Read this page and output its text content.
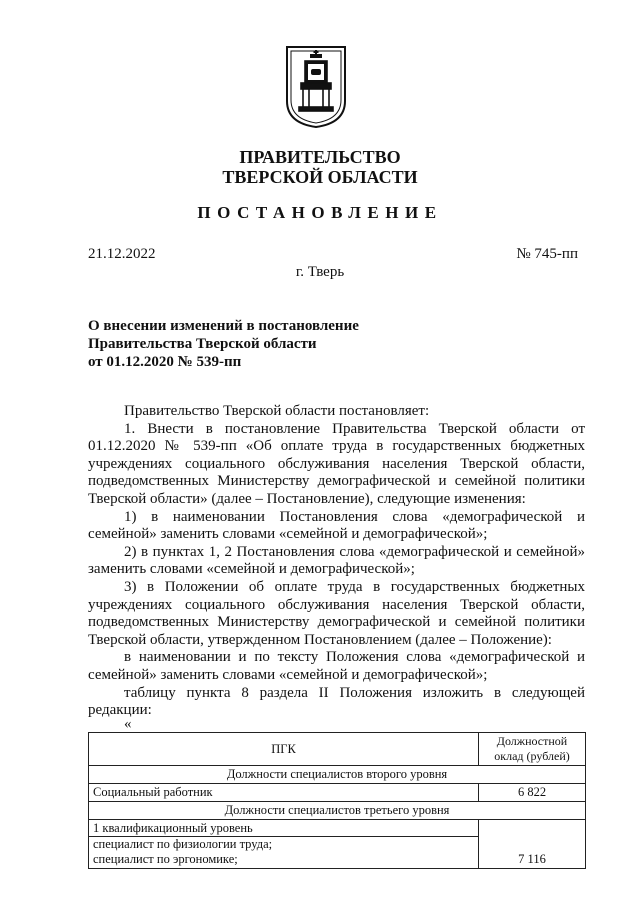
ПРАВИТЕЛЬСТВО
ТВЕРСКОЙ ОБЛАСТИ
ПОСТАНОВЛЕНИЕ
21.12.2022	№ 745-пп
г. Тверь
О внесении изменений в постановление
Правительства Тверской области
от 01.12.2020 № 539-пп

Правительство Тверской области постановляет:

1. Внести в постановление Правительства Тверской области от 01.12.2020 № 539-пп «Об оплате труда в государственных бюджетных учреждениях социального обслуживания населения Тверской области, подведомственных Министерству демографической и семейной политики Тверской области» (далее – Постановление), следующие изменения:

1) в наименовании Постановления слова «демографической и семейной» заменить словами «семейной и демографической»;

2) в пунктах 1, 2 Постановления слова «демографической и семейной» заменить словами «семейной и демографической»;

3) в Положении об оплате труда в государственных бюджетных учреждениях социального обслуживания населения Тверской области, подведомственных Министерству демографической и семейной политики Тверской области, утвержденном Постановлением (далее – Положение):

в наименовании и по тексту Положения слова «демографической и семейной» заменить словами «семейной и демографической»;

таблицу пункта 8 раздела II Положения изложить в следующей редакции:

«
ПГК	Должностной оклад (рублей)
Должности специалистов второго уровня	
Социальный работник	6 822
Должности специалистов третьего уровня	

1 квалификационный уровень
специалист по физиологии труда;
специалист по эргономике;	7 116
